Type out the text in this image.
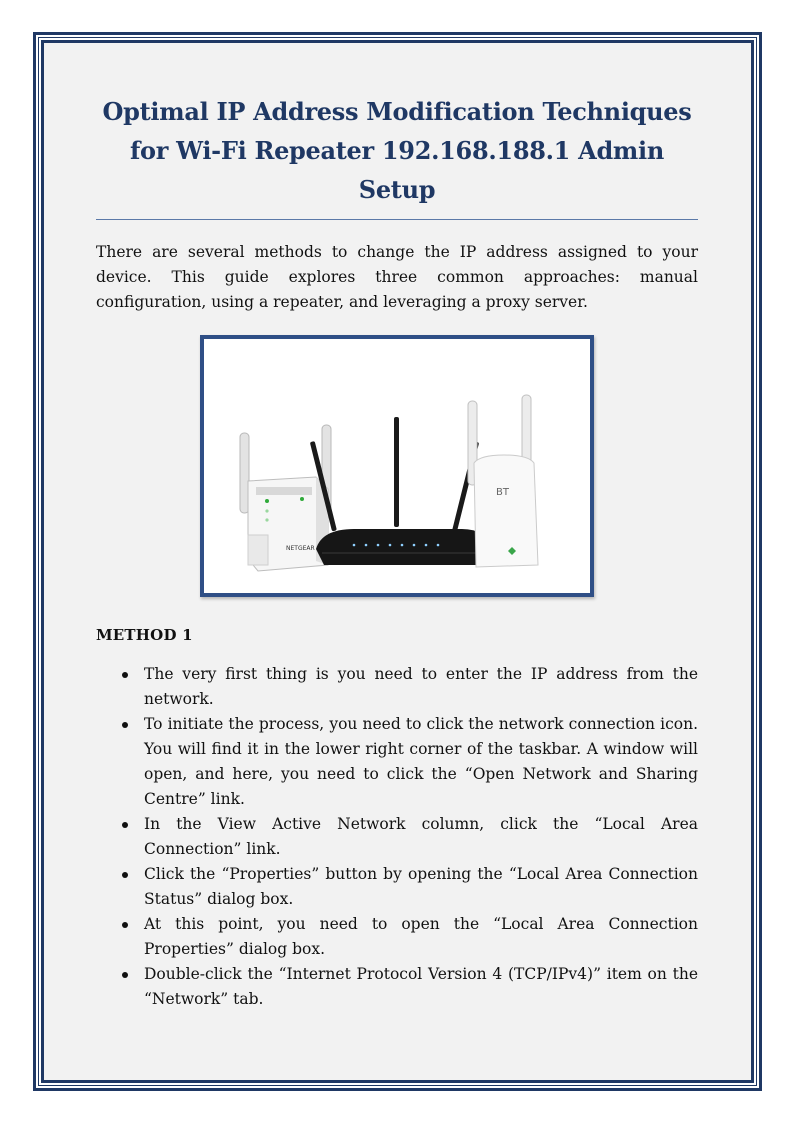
Optimal IP Address Modification Techniques for Wi-Fi Repeater 192.168.188.1 Admin Setup

There are several methods to change the IP address assigned to your device. This guide explores three common approaches: manual configuration, using a repeater, and leveraging a proxy server.

NETGEAR
BT

METHOD 1

The very first thing is you need to enter the IP address from the network.
To initiate the process, you need to click the network connection icon. You will find it in the lower right corner of the taskbar. A window will open, and here, you need to click the “Open Network and Sharing Centre” link.
In the View Active Network column, click the “Local Area Connection” link.
Click the “Properties” button by opening the “Local Area Connection Status” dialog box.
At this point, you need to open the “Local Area Connection Properties” dialog box.
Double-click the “Internet Protocol Version 4 (TCP/IPv4)” item on the “Network” tab.
